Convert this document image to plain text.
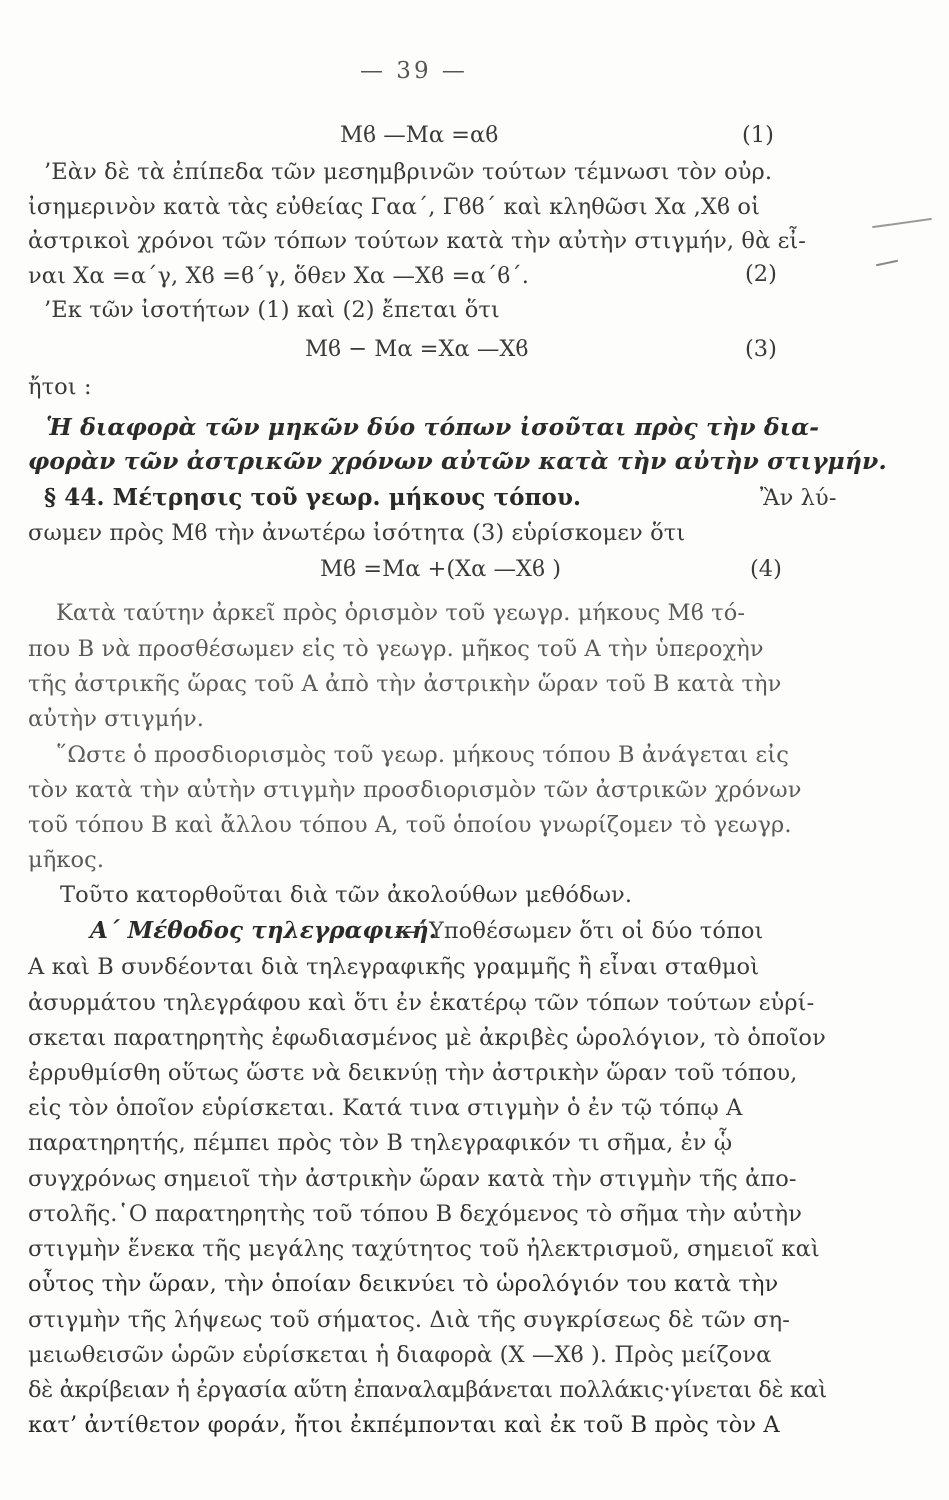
— 39 —
Μϐ —Μα =αϐ	(1)
’Εὰν δὲ τὰ ἐπίπεδα τῶν μεσημβρινῶν τούτων τέμνωσι τὸν οὐρ.
ἰσημερινὸν κατὰ τὰς εὐθείας Γαα΄, Γϐϐ΄ καὶ κληθῶσι Χα ,Χϐ οἱ
ἀστρικοὶ χρόνοι τῶν τόπων τούτων κατὰ τὴν αὐτὴν στιγμήν, θὰ εἶ-
ναι Χα =α΄γ, Χϐ =ϐ΄γ, ὅθεν Χα —Χϐ =α΄ϐ΄.	(2)
’Εκ τῶν ἰσοτήτων (1) καὶ (2) ἔπεται ὅτι
Μϐ − Μα =Χα —Χϐ	(3)
ἤτοι :
Ἡ διαφορὰ τῶν μηκῶν δύο τόπων ἰσοῦται πρὸς τὴν δια-
φορὰν τῶν ἀστρικῶν χρόνων αὐτῶν κατὰ τὴν αὐτὴν στιγμήν.
§ 44. Μέτρησις τοῦ γεωρ. μήκους τόπου.	Ἂν λύ-
σωμεν πρὸς Μϐ τὴν ἀνωτέρω ἰσότητα (3) εὑρίσκομεν ὅτι
Μϐ =Μα +(Χα —Χϐ )	(4)
Κατὰ ταύτην ἀρκεῖ πρὸς ὁρισμὸν τοῦ γεωγρ. μήκους Μϐ τό-
που Β νὰ προσθέσωμεν εἰς τὸ γεωγρ. μῆκος τοῦ Α τὴν ὑπεροχὴν
τῆς ἀστρικῆς ὥρας τοῦ Α ἀπὸ τὴν ἀστρικὴν ὥραν τοῦ Β κατὰ τὴν
αὐτὴν στιγμήν.
῞Ωστε ὁ προσδιορισμὸς τοῦ γεωρ. μήκους τόπου Β ἀνάγεται εἰς
τὸν κατὰ τὴν αὐτὴν στιγμὴν προσδιορισμὸν τῶν ἀστρικῶν χρόνων
τοῦ τόπου Β καὶ ἄλλου τόπου Α, τοῦ ὁποίου γνωρίζομεν τὸ γεωγρ.
μῆκος.
Τοῦτο κατορθοῦται διὰ τῶν ἀκολούθων μεθόδων.
Α΄ Μέθοδος τηλεγραφική.
—῾Υποθέσωμεν ὅτι οἱ δύο τόποι
Α καὶ Β συνδέονται διὰ τηλεγραφικῆς γραμμῆς ἢ εἶναι σταθμοὶ
ἀσυρμάτου τηλεγράφου καὶ ὅτι ἐν ἑκατέρῳ τῶν τόπων τούτων εὑρί-
σκεται παρατηρητὴς ἐφωδιασμένος μὲ ἀκριβὲς ὡρολόγιον, τὸ ὁποῖον
ἐρρυθμίσθη οὕτως ὥστε νὰ δεικνύῃ τὴν ἀστρικὴν ὥραν τοῦ τόπου,
εἰς τὸν ὁποῖον εὑρίσκεται. Κατά τινα στιγμὴν ὁ ἐν τῷ τόπῳ Α
παρατηρητής, πέμπει πρὸς τὸν Β τηλεγραφικόν τι σῆμα, ἐν ᾧ
συγχρόνως σημειοῖ τὴν ἀστρικὴν ὥραν κατὰ τὴν στιγμὴν τῆς ἀπο-
στολῆς.῾Ο παρατηρητὴς τοῦ τόπου Β δεχόμενος τὸ σῆμα τὴν αὐτὴν
στιγμὴν ἕνεκα τῆς μεγάλης ταχύτητος τοῦ ἠλεκτρισμοῦ, σημειοῖ καὶ
οὗτος τὴν ὥραν, τὴν ὁποίαν δεικνύει τὸ ὡρολόγιόν του κατὰ τὴν
στιγμὴν τῆς λήψεως τοῦ σήματος. Διὰ τῆς συγκρίσεως δὲ τῶν ση-
μειωθεισῶν ὡρῶν εὑρίσκεται ἡ διαφορὰ (Χ —Χϐ ). Πρὸς μείζονα
δὲ ἀκρίβειαν ἡ ἐργασία αὕτη ἐπαναλαμβάνεται πολλάκις·γίνεται δὲ καὶ
κατ’ ἀντίθετον φοράν, ἤτοι ἐκπέμπονται καὶ ἐκ τοῦ Β πρὸς τὸν Α
